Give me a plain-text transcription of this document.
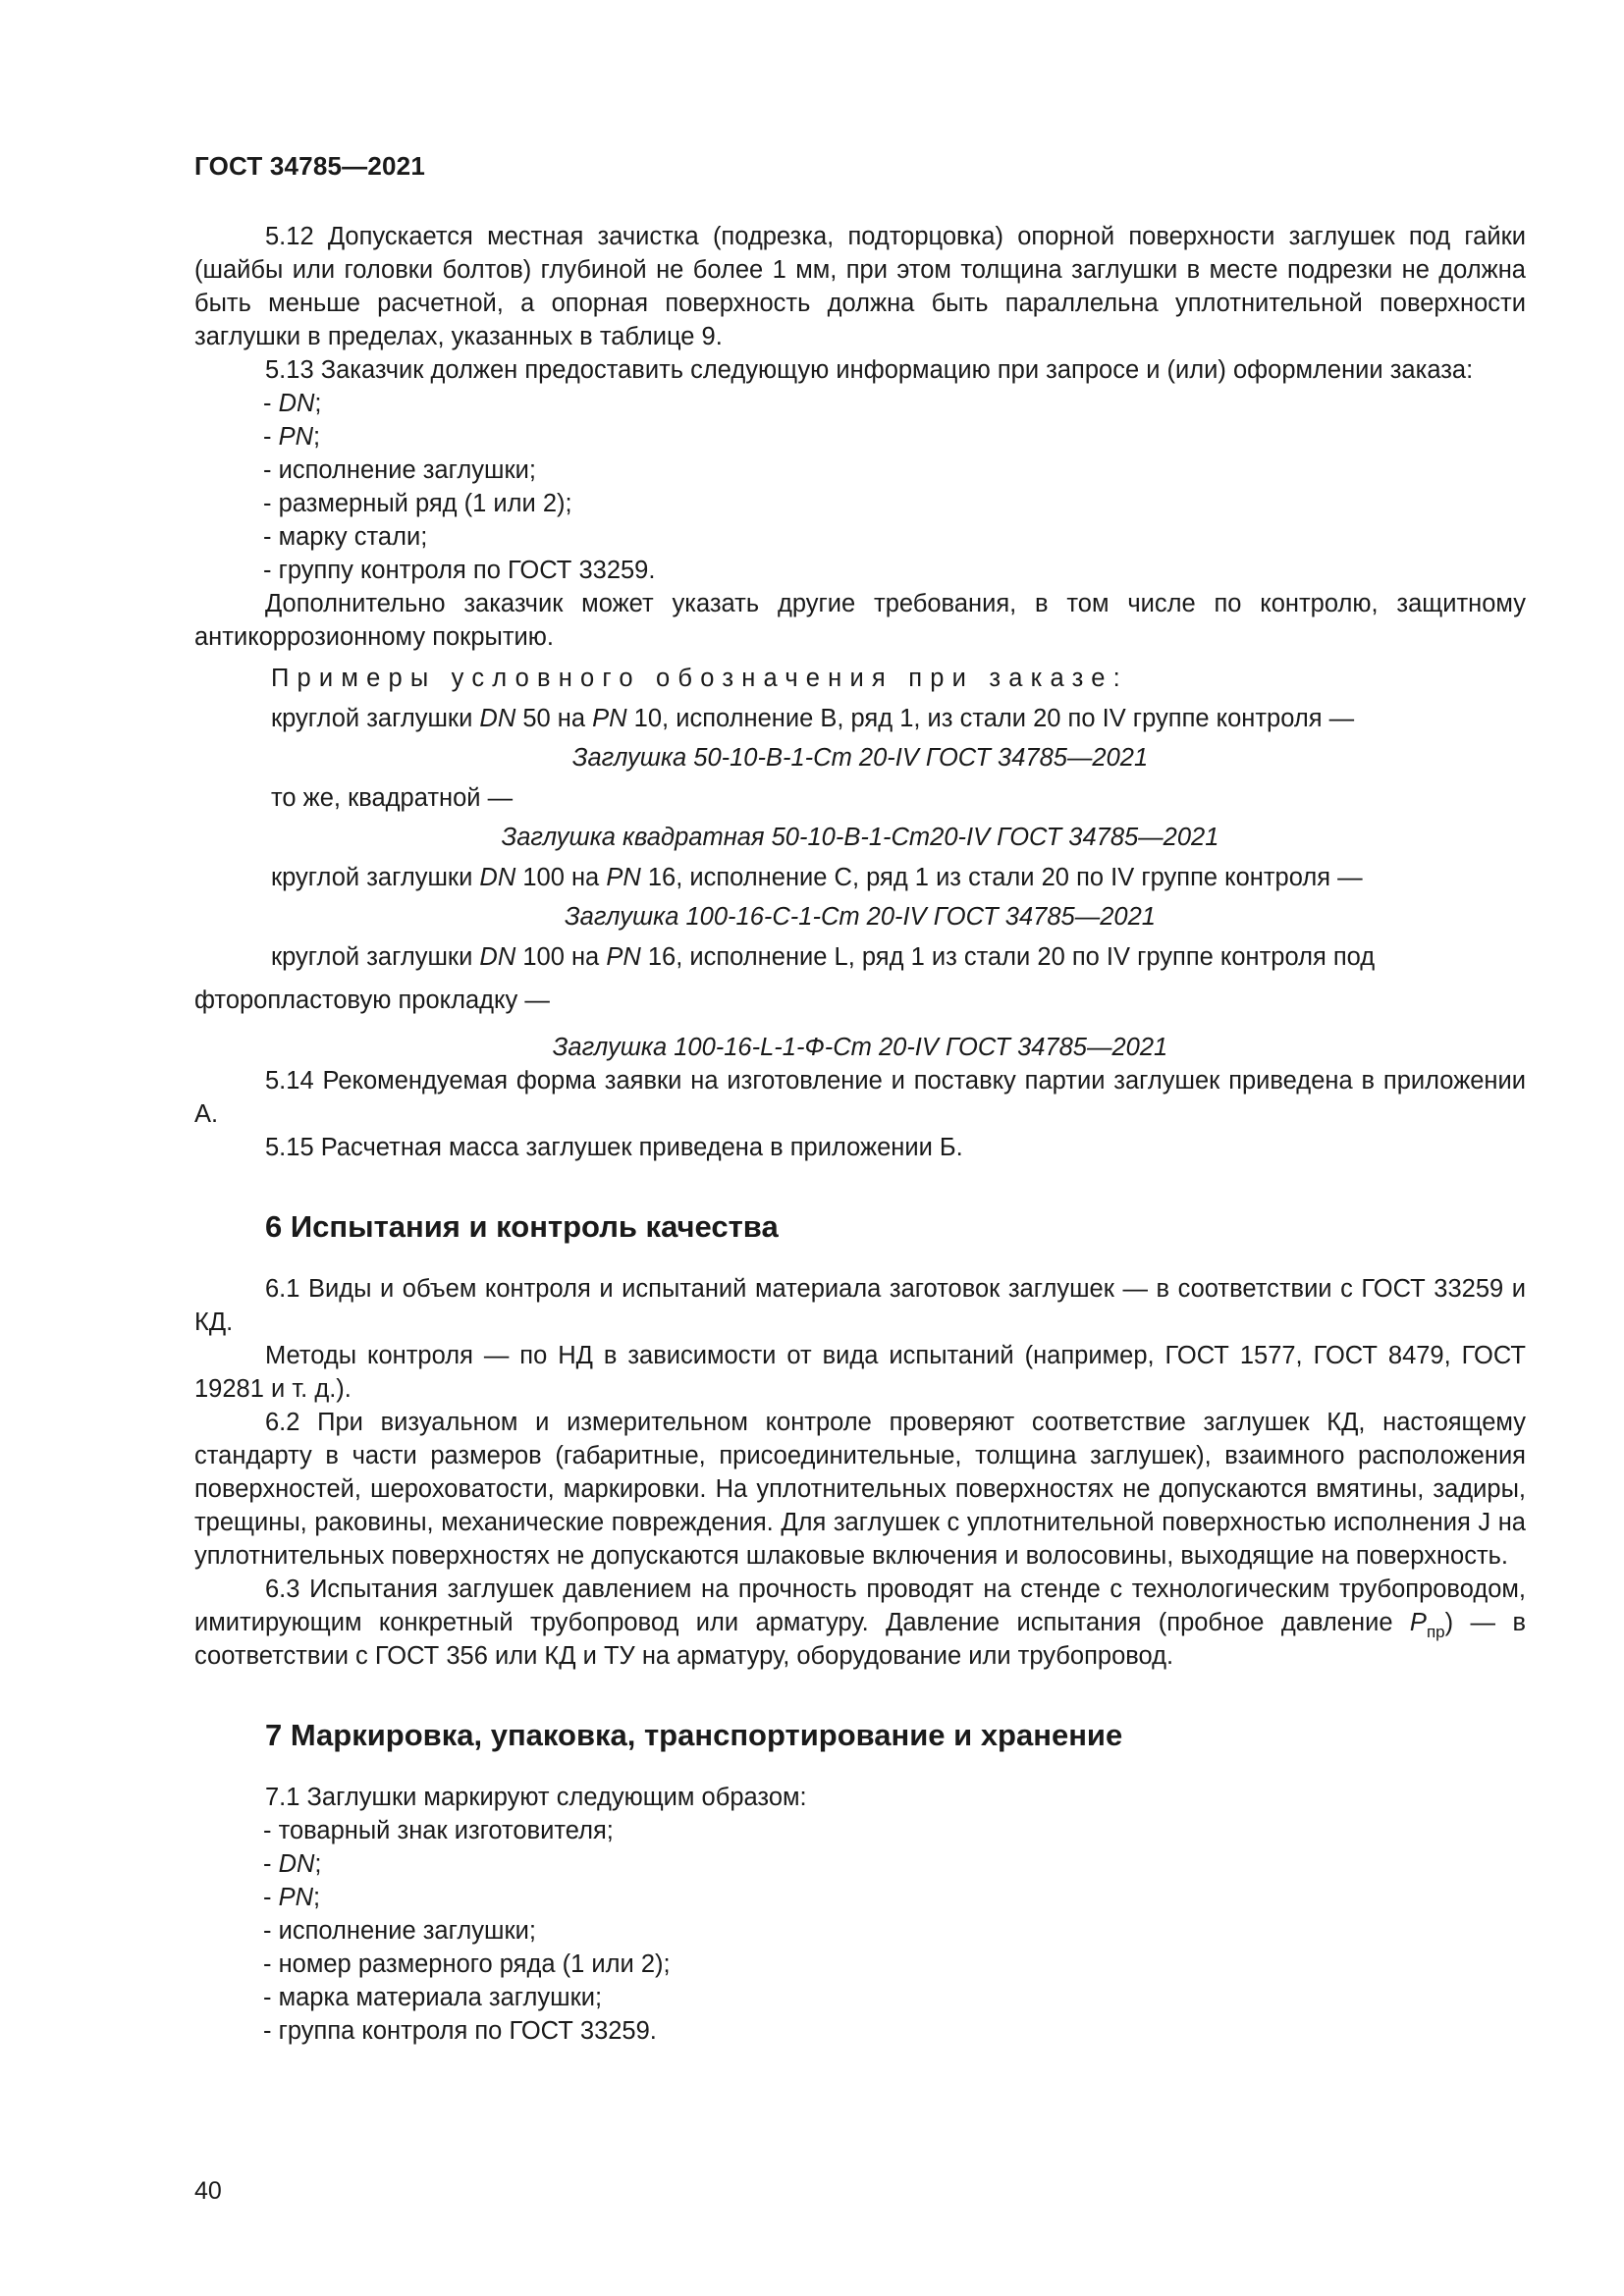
ГОСТ 34785—2021

5.12 Допускается местная зачистка (подрезка, подторцовка) опорной поверхности заглушек под гайки (шайбы или головки болтов) глубиной не более 1 мм, при этом толщина заглушки в месте подрезки не должна быть меньше расчетной, а опорная поверхность должна быть параллельна уплотнительной поверхности заглушки в пределах, указанных в таблице 9.

5.13 Заказчик должен предоставить следующую информацию при запросе и (или) оформлении заказа:

- DN;

- PN;

- исполнение заглушки;

- размерный ряд (1 или 2);

- марку стали;

- группу контроля по ГОСТ 33259.

Дополнительно заказчик может указать другие требования, в том числе по контролю, защитному антикоррозионному покрытию.

Примеры условного обозначения при заказе:

круглой заглушки DN 50 на PN 10, исполнение В, ряд 1, из стали 20 по IV группе контроля —

Заглушка 50-10-В-1-Ст 20-IV ГОСТ 34785—2021

то же, квадратной —

Заглушка квадратная 50-10-В-1-Ст20-IV ГОСТ 34785—2021

круглой заглушки DN 100 на PN 16, исполнение С, ряд 1 из стали 20 по IV группе контроля —

Заглушка 100-16-С-1-Ст 20-IV ГОСТ 34785—2021

круглой заглушки DN 100 на PN 16, исполнение L, ряд 1 из стали 20 по IV группе контроля под

фторопластовую прокладку —

Заглушка 100-16-L-1-Ф-Ст 20-IV ГОСТ 34785—2021

5.14 Рекомендуемая форма заявки на изготовление и поставку партии заглушек приведена в приложении А.

5.15 Расчетная масса заглушек приведена в приложении Б.

6 Испытания и контроль качества

6.1 Виды и объем контроля и испытаний материала заготовок заглушек — в соответствии с ГОСТ 33259 и КД.

Методы контроля — по НД в зависимости от вида испытаний (например, ГОСТ 1577, ГОСТ 8479, ГОСТ 19281 и т. д.).

6.2 При визуальном и измерительном контроле проверяют соответствие заглушек КД, настоящему стандарту в части размеров (габаритные, присоединительные, толщина заглушек), взаимного расположения поверхностей, шероховатости, маркировки. На уплотнительных поверхностях не допускаются вмятины, задиры, трещины, раковины, механические повреждения. Для заглушек с уплотнительной поверхностью исполнения J на уплотнительных поверхностях не допускаются шлаковые включения и волосовины, выходящие на поверхность.

6.3 Испытания заглушек давлением на прочность проводят на стенде с технологическим трубопроводом, имитирующим конкретный трубопровод или арматуру. Давление испытания (пробное давление $P_{пр}$) — в соответствии с ГОСТ 356 или КД и ТУ на арматуру, оборудование или трубопровод.

7 Маркировка, упаковка, транспортирование и хранение

7.1 Заглушки маркируют следующим образом:

- товарный знак изготовителя;

- DN;

- PN;

- исполнение заглушки;

- номер размерного ряда (1 или 2);

- марка материала заглушки;

- группа контроля по ГОСТ 33259.

40
